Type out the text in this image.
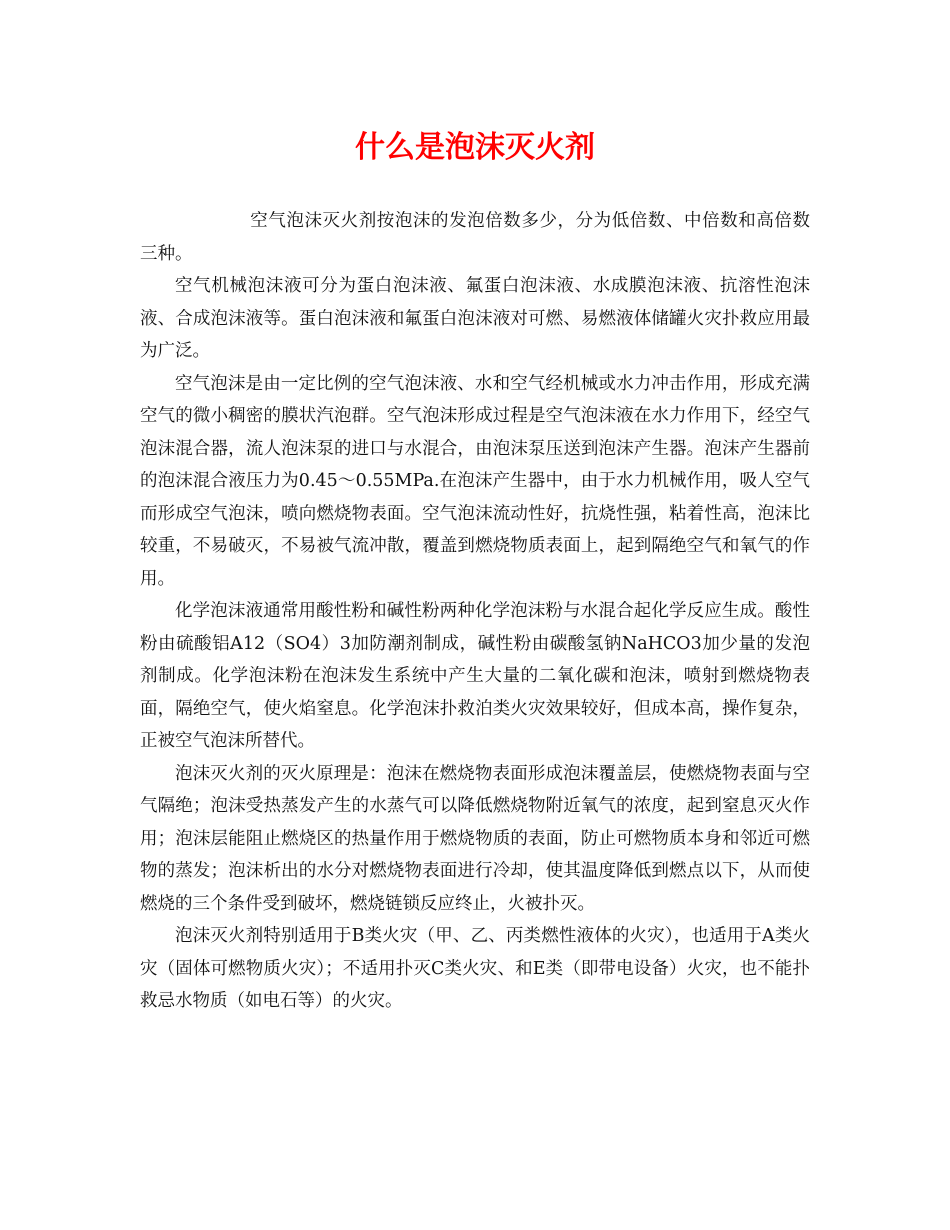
什么是泡沫灭火剂

空气泡沫灭火剂按泡沫的发泡倍数多少，分为低倍数、中倍数和高倍数三种。

空气机械泡沫液可分为蛋白泡沫液、氟蛋白泡沫液、水成膜泡沫液、抗溶性泡沫液、合成泡沫液等。蛋白泡沫液和氟蛋白泡沫液对可燃、易燃液体储罐火灾扑救应用最为广泛。

空气泡沫是由一定比例的空气泡沫液、水和空气经机械或水力冲击作用，形成充满空气的微小稠密的膜状汽泡群。空气泡沫形成过程是空气泡沫液在水力作用下，经空气泡沫混合器，流人泡沫泵的进口与水混合，由泡沫泵压送到泡沫产生器。泡沫产生器前的泡沫混合液压力为0.45～0.55MPa.在泡沫产生器中，由于水力机械作用，吸人空气而形成空气泡沫，喷向燃烧物表面。空气泡沫流动性好，抗烧性强，粘着性高，泡沫比较重，不易破灭，不易被气流冲散，覆盖到燃烧物质表面上，起到隔绝空气和氧气的作用。

化学泡沫液通常用酸性粉和碱性粉两种化学泡沫粉与水混合起化学反应生成。酸性粉由硫酸铝A12（SO4）3加防潮剂制成，碱性粉由碳酸氢钠NaHCO3加少量的发泡剂制成。化学泡沫粉在泡沫发生系统中产生大量的二氧化碳和泡沫，喷射到燃烧物表面，隔绝空气，使火焰窒息。化学泡沫扑救泊类火灾效果较好，但成本高，操作复杂，正被空气泡沫所替代。

泡沫灭火剂的灭火原理是：泡沫在燃烧物表面形成泡沫覆盖层，使燃烧物表面与空气隔绝；泡沫受热蒸发产生的水蒸气可以降低燃烧物附近氧气的浓度，起到窒息灭火作用；泡沫层能阻止燃烧区的热量作用于燃烧物质的表面，防止可燃物质本身和邻近可燃物的蒸发；泡沫析出的水分对燃烧物表面进行冷却，使其温度降低到燃点以下，从而使燃烧的三个条件受到破坏，燃烧链锁反应终止，火被扑灭。

泡沫灭火剂特别适用于B类火灾（甲、乙、丙类燃性液体的火灾），也适用于A类火灾（固体可燃物质火灾）；不适用扑灭C类火灾、和E类（即带电设备）火灾，也不能扑救忌水物质（如电石等）的火灾。
